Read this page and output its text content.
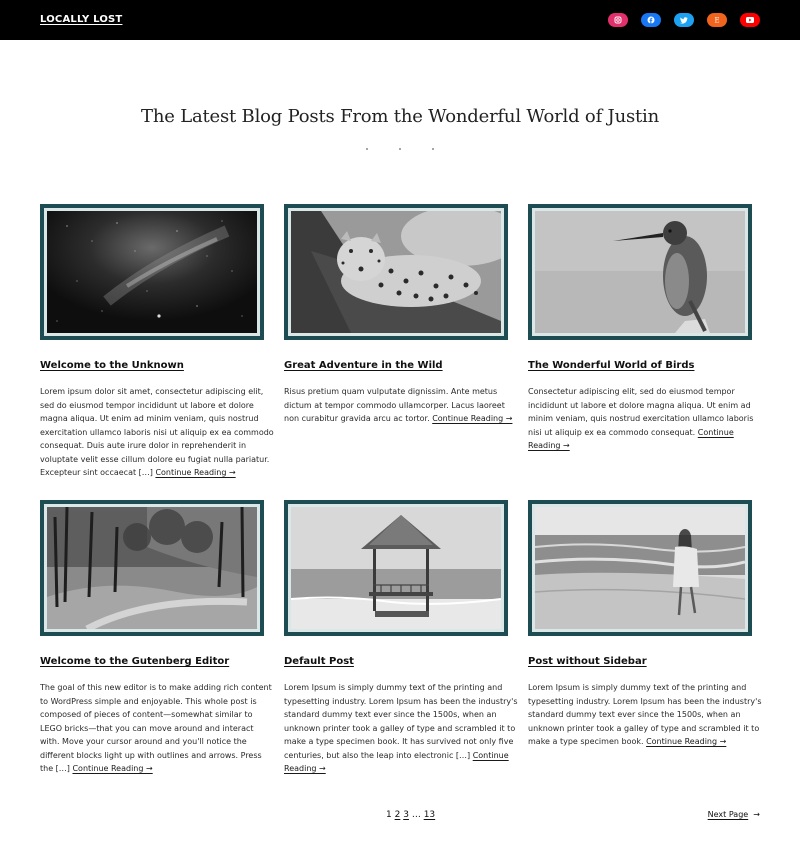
LOCALLY LOST	E
The Latest Blog Posts From the Wonderful World of Justin
Welcome to the Unknown
Lorem ipsum dolor sit amet, consectetur adipiscing elit, sed do eiusmod tempor incididunt ut labore et dolore magna aliqua. Ut enim ad minim veniam, quis nostrud exercitation ullamco laboris nisi ut aliquip ex ea commodo consequat. Duis aute irure dolor in reprehenderit in voluptate velit esse cillum dolore eu fugiat nulla pariatur. Excepteur sint occaecat […] Continue Reading →
Great Adventure in the Wild
Risus pretium quam vulputate dignissim. Ante metus dictum at tempor commodo ullamcorper. Lacus laoreet non curabitur gravida arcu ac tortor. Continue Reading →
The Wonderful World of Birds
Consectetur adipiscing elit, sed do eiusmod tempor incididunt ut labore et dolore magna aliqua. Ut enim ad minim veniam, quis nostrud exercitation ullamco laboris nisi ut aliquip ex ea commodo consequat. Continue Reading →
Welcome to the Gutenberg Editor
The goal of this new editor is to make adding rich content to WordPress simple and enjoyable. This whole post is composed of pieces of content—somewhat similar to LEGO bricks—that you can move around and interact with. Move your cursor around and you'll notice the different blocks light up with outlines and arrows. Press the […] Continue Reading →
Default Post
Lorem Ipsum is simply dummy text of the printing and typesetting industry. Lorem Ipsum has been the industry's standard dummy text ever since the 1500s, when an unknown printer took a galley of type and scrambled it to make a type specimen book. It has survived not only five centuries, but also the leap into electronic […] Continue Reading →
Post without Sidebar
Lorem Ipsum is simply dummy text of the printing and typesetting industry. Lorem Ipsum has been the industry's standard dummy text ever since the 1500s, when an unknown printer took a galley of type and scrambled it to make a type specimen book. Continue Reading →
1 2 3 … 13	Next Page →
